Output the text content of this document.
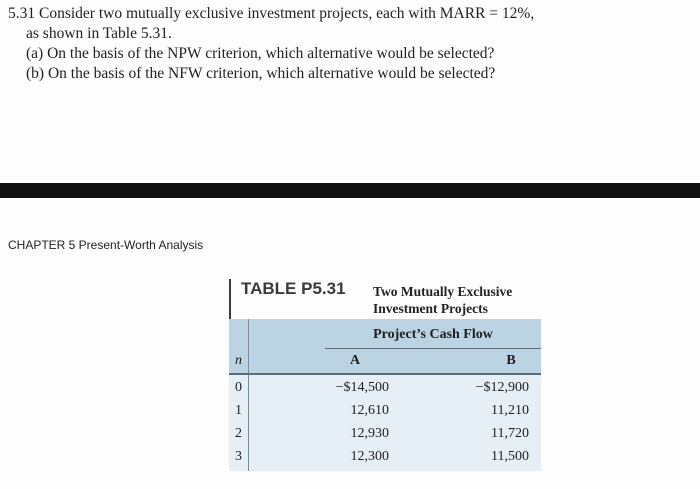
5.31 Consider two mutually exclusive investment projects, each with MARR = 12%,
as shown in Table 5.31.
(a) On the basis of the NPW criterion, which alternative would be selected?
(b) On the basis of the NFW criterion, which alternative would be selected?
CHAPTER 5 Present-Worth Analysis
TABLE P5.31 Two Mutually Exclusive
Investment Projects
Project’s Cash Flow
n	A	B
0	−$14,500	−$12,900
1	12,610	11,210
2	12,930	11,720
3	12,300	11,500
